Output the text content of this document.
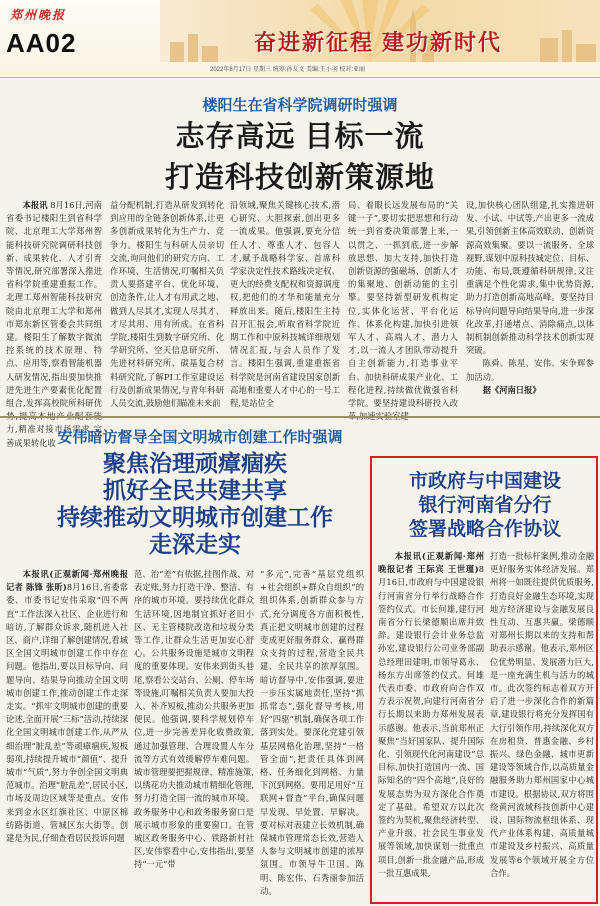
郑州晚报
AA02	奋进新征程 建功新时代
2022年8月17日 星期三 统筹:孙友文 美编:王小羽 校对:亚丽
楼阳生在省科学院调研时强调
志存高远 目标一流
打造科技创新策源地

本报讯 8月16日,河南省委书记楼阳生到省科学院、北京理工大学郑州智能科技研究院调研科技创新、成果转化、人才引育等情况,研究部署深入推进省科学院重建重振工作。北理工郑州智能科技研究院由北京理工大学和郑州市郑东新区管委会共同组建。楼阳生了解数字微流控系统的技术原理、特点、应用等,察看智能机器人研发情况,指出要加快推进先进生产要素优化配置组合,发挥高校院所科研优 力,精准对接市场需求,完善成果转化收

益分配机制,打造从研发到转化到应用的全链条创新体系,让更多创新成果转化为生产力、竞争力。楼阳生与科研人员亲切交流,询问他们的研究方向、工作环境、生活情况,叮嘱相关负责人要搭建平台、优化环境、创造条件,让人才有用武之地、做到人尽其才,实现人尽其才、才尽其用、用有所成。在省科学院,楼阳生到数字研究所、化学研究所、空天信息研究所、先进材料研究所、碳基复合材料研究院,了解PI工作室建设运行及创新成果情况,与青年科研人员交流,鼓励他们瞄准未来前

沿领域,聚焦关键核心技术,潜心研究、大胆探索,创出更多一流成果。他强调,要充分信任人才、尊重人才、包容人才,赋予战略科学家、首席科学家决定性技术路线决定权、更大的经费支配权和资源调度权,把他们的才华和能量充分释放出来。随后,楼阳生主持召开汇报会,听取省科学院近期工作和中原科技城详细规划情况汇报,与会人员作了发言。楼阳生强调,重建重振省科学院是河南省建设国家创新高地和重要人才中心的一号工程,是站位全

局、着眼长远发展布局的“关键一子”,要切实把思想和行动统一到省委决策部署上来,一以贯之、一抓到底,进一步解放思想、加大支持,加快打造创新资源的强磁场、创新人才的集聚地、创新动能的主引擎。要坚持新型研发机构定位,实体化运营、平台化运作、体系化构建,加快引进领军人才、高端人才、潜力人才,以一流人才团队带动提升自主创新能力,打造事业平台、加快科研成果产业化、工程化进程,持续做优做强省科学院。要坚持建设科研投入改

设,加快核心团队组建,扎实推进研发、小试、中试等,产出更多一流成果,引领创新主体高效联动、创新资源高效集聚。要以一流服务、全球视野,谋划中原科技城定位、目标、功能、布局,既遵循科研规律,又注重满足个性化需求,集中优势资源,助力打造创新高地高峰。要坚持目标导向问题导向结果导向,进一步深化改革,打通堵点、消除痛点,以体制机制创新推动科学技术创新实现突破。

陈舜、陈星、安伟、宋争辉参加活动。

据《河南日报》

安伟暗访督导全国文明城市创建工作时强调
聚焦治理顽瘴痼疾
抓好全民共建共享
持续推动文明城市创建工作
走深走实

本报讯(正观新闻·郑州晚报记者 陈锋 张昕)8月16日,省委常委、市委书记安伟采取“四不两直”工作法深入社区、企业进行和暗访,了解群众诉求,随机进入社区、商户,详细了解创建情况,看城区全国文明城市创建工作中存在问题。他指出,要以目标导向、问题导向、结果导向推动全国文明城市创建工作,推动创建工作走深走实。“抓牢文明城市创建的重要论述,全面开展“三标”活动,持续深化全国文明城市创建工作,从严从细治理“脏乱差”等顽瘴痼疾,短板弱项,持续提升城市“颜值”、提升城市“气质”,努力争创全国文明典范城市。治理“脏乱差”,居民小区,市场及周边区域等是重点。安伟来到金水区红旗社区、中原区棉纺路街道、管城区东大街等。创建是为民,仔细查看居民投诉问题

范、治“差”有依据,挂图作战、对表定账,努力打造干净、整洁、有序的城市环境。要持续优化群众生活环境,因地制宜抓好老旧小区、无主管楼院改造和垃圾分类等工作,让群众生活更加安心舒心。公共服务设施是城市文明程度的重要体现。安伟来到街头巷尾,察看公交站台、公厕、停车场等设施,叮嘱相关负责人要加大投入、补齐短板,推动公共服务更加便民。他强调,要科学规划停车位,进一步完善差异化收费政策,通过加强管理、合理设置人车分流等方式有效缓解停车难问题。城市管理要把握规律、精准施策,以绣花功夫推动城市精细化管理,努力打造全国一流的城市环境。政务服务中心和政务服务窗口是展示城市形象的重要窗口。在管城区政务服务中心、铁路新村社区,安伟察看中心,安伟指出,要坚持“一元”带

“多元”,完善“基层党组织+社会组织+群众自组织”的组织体系,创新群众参与方式,充分调度各方面积极性,真正把文明城市创建的过程变成更好服务群众、赢得群众支持的过程,营造全民共建、全民共享的浓厚氛围。暗访督导中,安伟强调,要进一步压实属地责任,坚持“抓抓常态”,强化督导考核,用好“四驱”机制,确保各项工作落到实处。要深化党建引领基层网格化治理,坚持“一格管全面”,把责任具体到网格、任务细化到网格、力量下沉到网格。要用足用好“互联网+督查”平台,确保问题早发现、早处置、早解决。要对标对表建立长效机制,确保城市管理常态长效,营造人人参与文明城市创建的浓厚氛围。市领导牛卫国、陈明、陈宏伟、石秀丽参加活动。

市政府与中国建设
银行河南省分行
签署战略合作协议

本报讯(正观新闻·郑州晚报记者 王际宾 王世瑾)8月16日,市政府与中国建设银行河南省分行举行战略合作签约仪式。市长何雄,建行河南省分行长梁德顺出席并致辞。建设银行会计业务总监孙宏,建设银行公司业务部副总经理田建明,市领导葛永、杨东方出席签约仪式。何雄代表市委、市政府向合作双方表示祝贺,向建行河南省分行长期以来助力郑州发展表示感谢。他表示,当前郑州正聚焦“当好国家队、提升国际化、引领现代化河南建设”总目标,加快打造国内一流、国际知名的“四个高地”,良好的发展态势为双方深化合作奠定了基础。希望双方以此次签约为契机,聚焦经济转型、产业升级、社会民生事业发展等领域,加快谋划一批重点项目,创新一批金融产品,形成一批互惠成果,

打造一批标杆案例,推动金融更好服务实体经济发展。郑州将一如既往提供优质服务,打造良好金融生态环境,实现地方经济建设与金融发展良性互动、互惠共赢。梁德顺对郑州长期以来的支持和帮助表示感谢。他表示,郑州区位优势明显、发展潜力巨大,是一座充满生机与活力的城市。此次签约标志着双方开启了进一步深化合作的新篇章,建设银行将充分发挥国有大行引领作用,持续深化双方在房租贷、普惠金融、乡村振兴、绿色金融、城市更新建设等领域合作,以高质量金融服务助力郑州国家中心城市建设。根据协议,双方将围绕黄河流域科技创新中心建设、国际物流枢纽体系、现代产业体系构建、高质量城市建设及乡村振兴、高质量发展等6个领域开展全方位合作。
